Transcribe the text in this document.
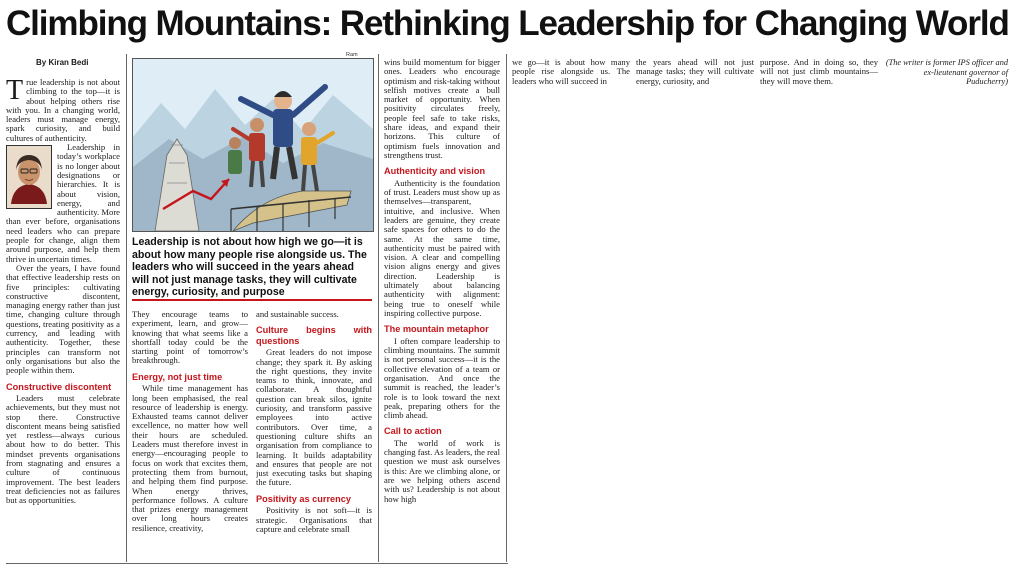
Climbing Mountains: Rethinking Leadership for Changing World
By Kiran Bedi

True leadership is not about climbing to the top—it is about helping others rise with you. In a changing world, leaders must manage energy, spark curiosity, and build cultures of authenticity.

Leadership in today’s workplace is no longer about designations or hierarchies. It is about vision, energy, and authenticity. More than ever before, organisations need leaders who can prepare people for change, align them around purpose, and help them thrive in uncertain times.

Over the years, I have found that effective leadership rests on five principles: cultivating constructive discontent, managing energy rather than just time, changing culture through questions, treating positivity as a currency, and leading with authenticity. Together, these principles can transform not only organisations but also the people within them.

Constructive discontent

Leaders must celebrate achievements, but they must not stop there. Constructive discontent means being satisfied yet restless—always curious about how to do better. This mindset prevents organisations from stagnating and ensures a culture of continuous improvement. The best leaders treat deficiencies not as failures but as opportunities.

Ram

Leadership is not about how high we go—it is about how many people rise alongside us. The leaders who will succeed in the years ahead will not just manage tasks, they will cultivate energy, curiosity, and purpose

They encourage teams to experiment, learn, and grow—knowing that what seems like a shortfall today could be the starting point of tomorrow’s breakthrough.

Energy, not just time

While time management has long been emphasised, the real resource of leadership is energy. Exhausted teams cannot deliver excellence, no matter how well their hours are scheduled. Leaders must therefore invest in energy—encouraging people to focus on work that excites them, protecting them from burnout, and helping them find purpose. When energy thrives, performance follows. A culture that prizes energy management over long hours creates resilience, creativity,

and sustainable success.

Culture begins with questions

Great leaders do not impose change; they spark it. By asking the right questions, they invite teams to think, innovate, and collaborate. A thoughtful question can break silos, ignite curiosity, and transform passive employees into active contributors. Over time, a questioning culture shifts an organisation from compliance to learning. It builds adaptability and ensures that people are not just executing tasks but shaping the future.

Positivity as currency

Positivity is not soft—it is strategic. Organisations that capture and celebrate small

wins build momentum for bigger ones. Leaders who encourage optimism and risk-taking without selfish motives create a bull market of opportunity. When positivity circulates freely, people feel safe to take risks, share ideas, and expand their horizons. This culture of optimism fuels innovation and strengthens trust.

Authenticity and vision

Authenticity is the foundation of trust. Leaders must show up as themselves—transparent, intuitive, and inclusive. When leaders are genuine, they create safe spaces for others to do the same. At the same time, authenticity must be paired with vision. A clear and compelling vision aligns energy and gives direction. Leadership is ultimately about balancing authenticity with alignment: being true to oneself while inspiring collective purpose.

The mountain metaphor

I often compare leadership to climbing mountains. The summit is not personal success—it is the collective elevation of a team or organisation. And once the summit is reached, the leader’s role is to look toward the next peak, preparing others for the climb ahead.

Call to action

The world of work is changing fast. As leaders, the real question we must ask ourselves is this: Are we climbing alone, or are we helping others ascend with us? Leadership is not about how high

we go—it is about how many people rise alongside us. The leaders who will succeed in

the years ahead will not just manage tasks; they will cultivate energy, curiosity, and

purpose. And in doing so, they will not just climb mountains—they will move them.

(The writer is former IPS officer and ex-lieutenant governor of Puducherry)
